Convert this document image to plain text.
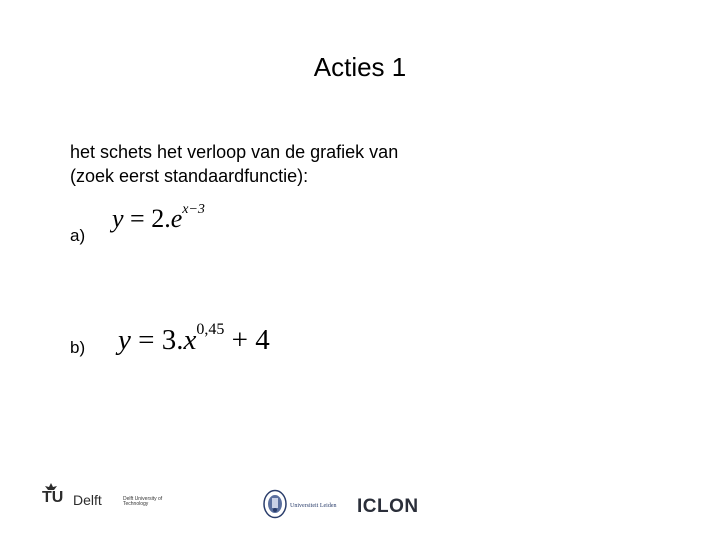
Acties 1
het schets het verloop van de grafiek van
(zoek eerst standaardfunctie):
a)
$y = 2.e^{x-3}$
b) $y = 3.x^{0,45} + 4$
TU Delft	Delft University of Technology	Universiteit Leiden ICLON
